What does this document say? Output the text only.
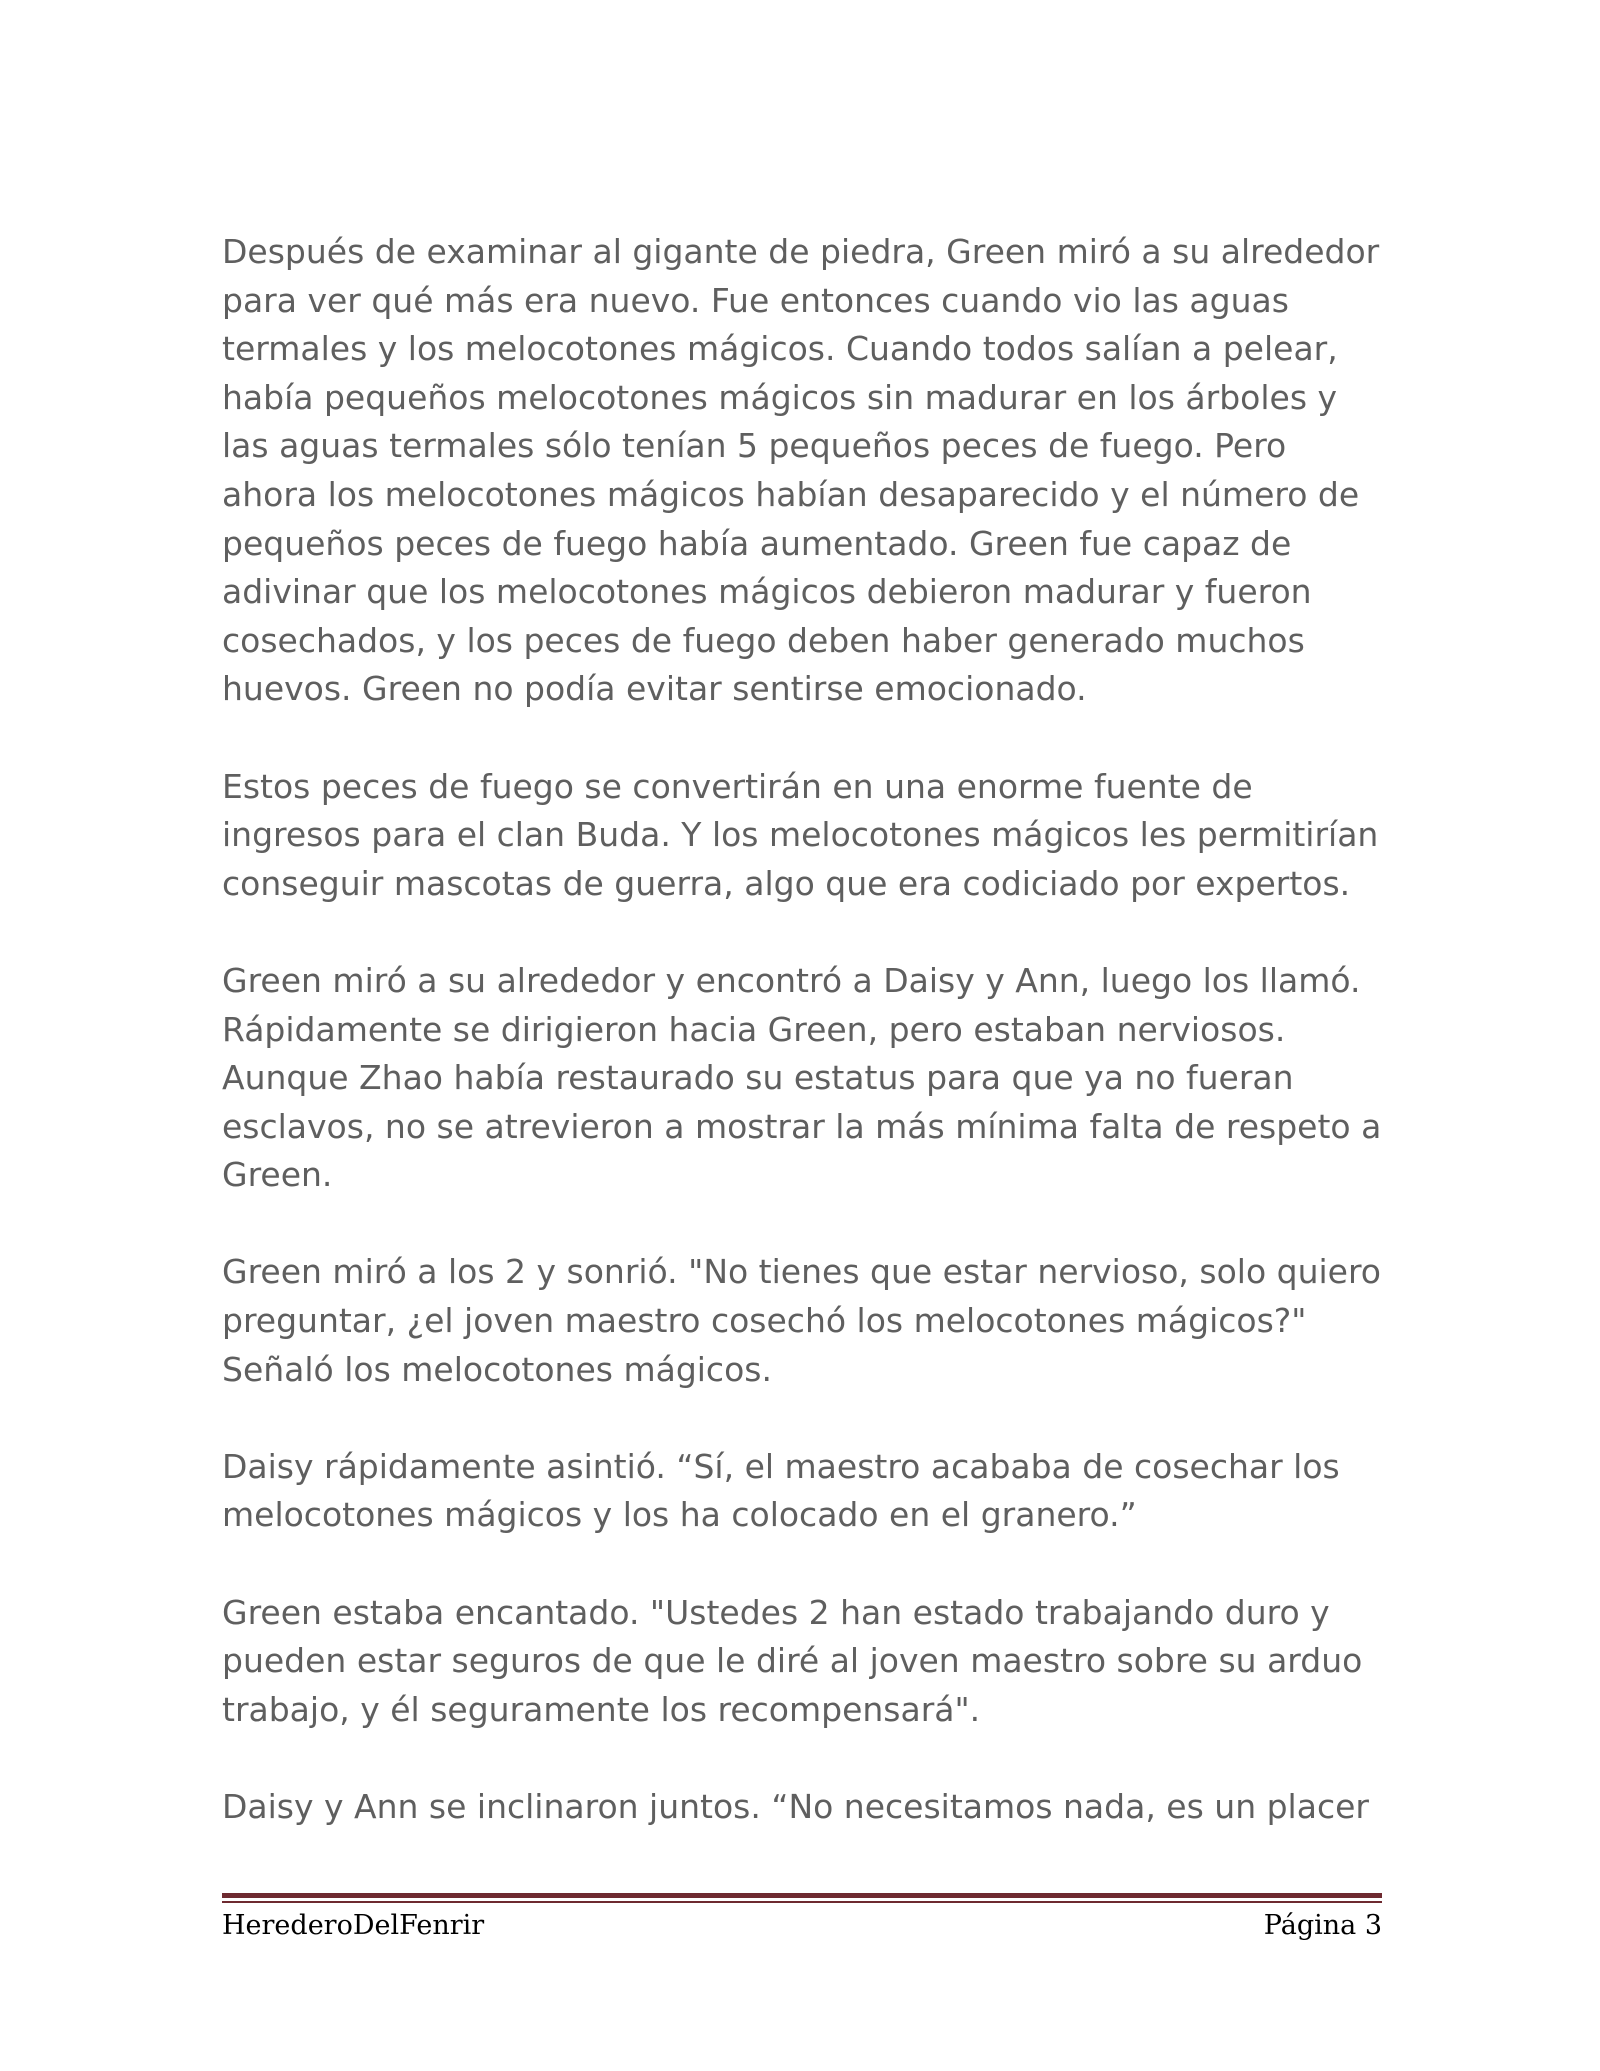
Después de examinar al gigante de piedra, Green miró a su alrededor para ver qué más era nuevo. Fue entonces cuando vio las aguas termales y los melocotones mágicos. Cuando todos salían a pelear, había pequeños melocotones mágicos sin madurar en los árboles y las aguas termales sólo tenían 5 pequeños peces de fuego. Pero ahora los melocotones mágicos habían desaparecido y el número de pequeños peces de fuego había aumentado. Green fue capaz de adivinar que los melocotones mágicos debieron madurar y fueron cosechados, y los peces de fuego deben haber generado muchos huevos. Green no podía evitar sentirse emocionado.

Estos peces de fuego se convertirán en una enorme fuente de ingresos para el clan Buda. Y los melocotones mágicos les permitirían conseguir mascotas de guerra, algo que era codiciado por expertos.

Green miró a su alrededor y encontró a Daisy y Ann, luego los llamó. Rápidamente se dirigieron hacia Green, pero estaban nerviosos. Aunque Zhao había restaurado su estatus para que ya no fueran esclavos, no se atrevieron a mostrar la más mínima falta de respeto a Green.

Green miró a los 2 y sonrió. "No tienes que estar nervioso, solo quiero preguntar, ¿el joven maestro cosechó los melocotones mágicos?" Señaló los melocotones mágicos.

Daisy rápidamente asintió. “Sí, el maestro acababa de cosechar los melocotones mágicos y los ha colocado en el granero.”

Green estaba encantado. "Ustedes 2 han estado trabajando duro y pueden estar seguros de que le diré al joven maestro sobre su arduo trabajo, y él seguramente los recompensará".

Daisy y Ann se inclinaron juntos. “No necesitamos nada, es un placer

HerederoDelFenrir	Página 3
